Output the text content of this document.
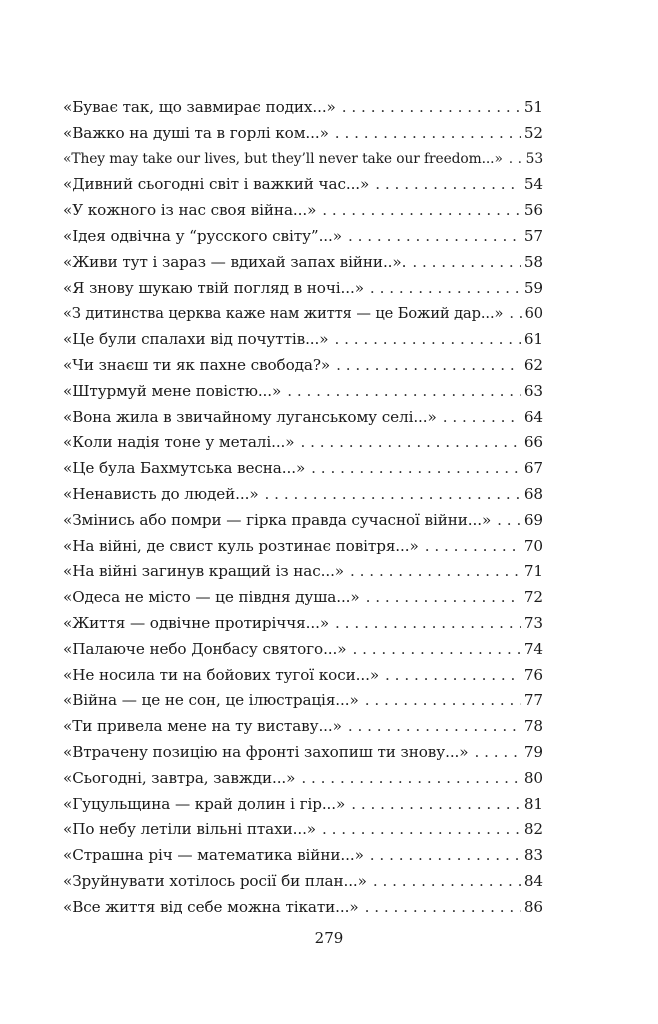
«Буває так, що завмирає подих...» . . .	51
«Важко на душі та в горлі ком...» . . .	52
«They may take our lives, but they’ll never take our freedom...» . . . 53
«Дивний сьогодні світ і важкий час...» . . .	54
«У кожного із нас своя війна...» . . .	56
«Ідея одвічна у “русского світу”...» . . .	57
«Живи тут і зараз — вдихай запах війни..». . . .	58
«Я знову шукаю твій погляд в ночі...» . . .	59
«З дитинства церква каже нам життя — це Божий дар...» . . . 60
«Це були спалахи від почуттів...» . . .	61
«Чи знаєш ти як пахне свобода?» . . .	62
«Штурмуй мене повістю...» . . .	63
«Вона жила в звичайному луганському селі...» . . .	64
«Коли надія тоне у металі...» . . .	66
«Це була Бахмутська весна...» . . .	67
«Ненависть до людей...» . . .	68
«Змінись або помри — гірка правда сучасної війни...» . . . 69
«На війні, де свист куль розтинає повітря...» . . .	70
«На війні загинув кращий із нас...» . . .	71
«Одеса не місто — це півдня душа...» . . .	72
«Життя — одвічне протиріччя...» . . .	73
«Палаюче небо Донбасу святого...» . . .	74
«Не носила ти на бойових тугої коси...» . . .	76
«Війна — це не сон, це ілюстрація...» . . .	77
«Ти привела мене на ту виставу...» . . .	78
«Втрачену позицію на фронті захопиш ти знову...» . . .	79
«Сьогодні, завтра, завжди...» . . .	80
«Гуцульщина — край долин і гір...» . . .	81
«По небу летіли вільні птахи...» . . .	82
«Страшна річ — математика війни...» . . .	83
«Зруйнувати хотілось росії би план...» . . .	84
«Все життя від себе можна тікати...» . . .	86
279
